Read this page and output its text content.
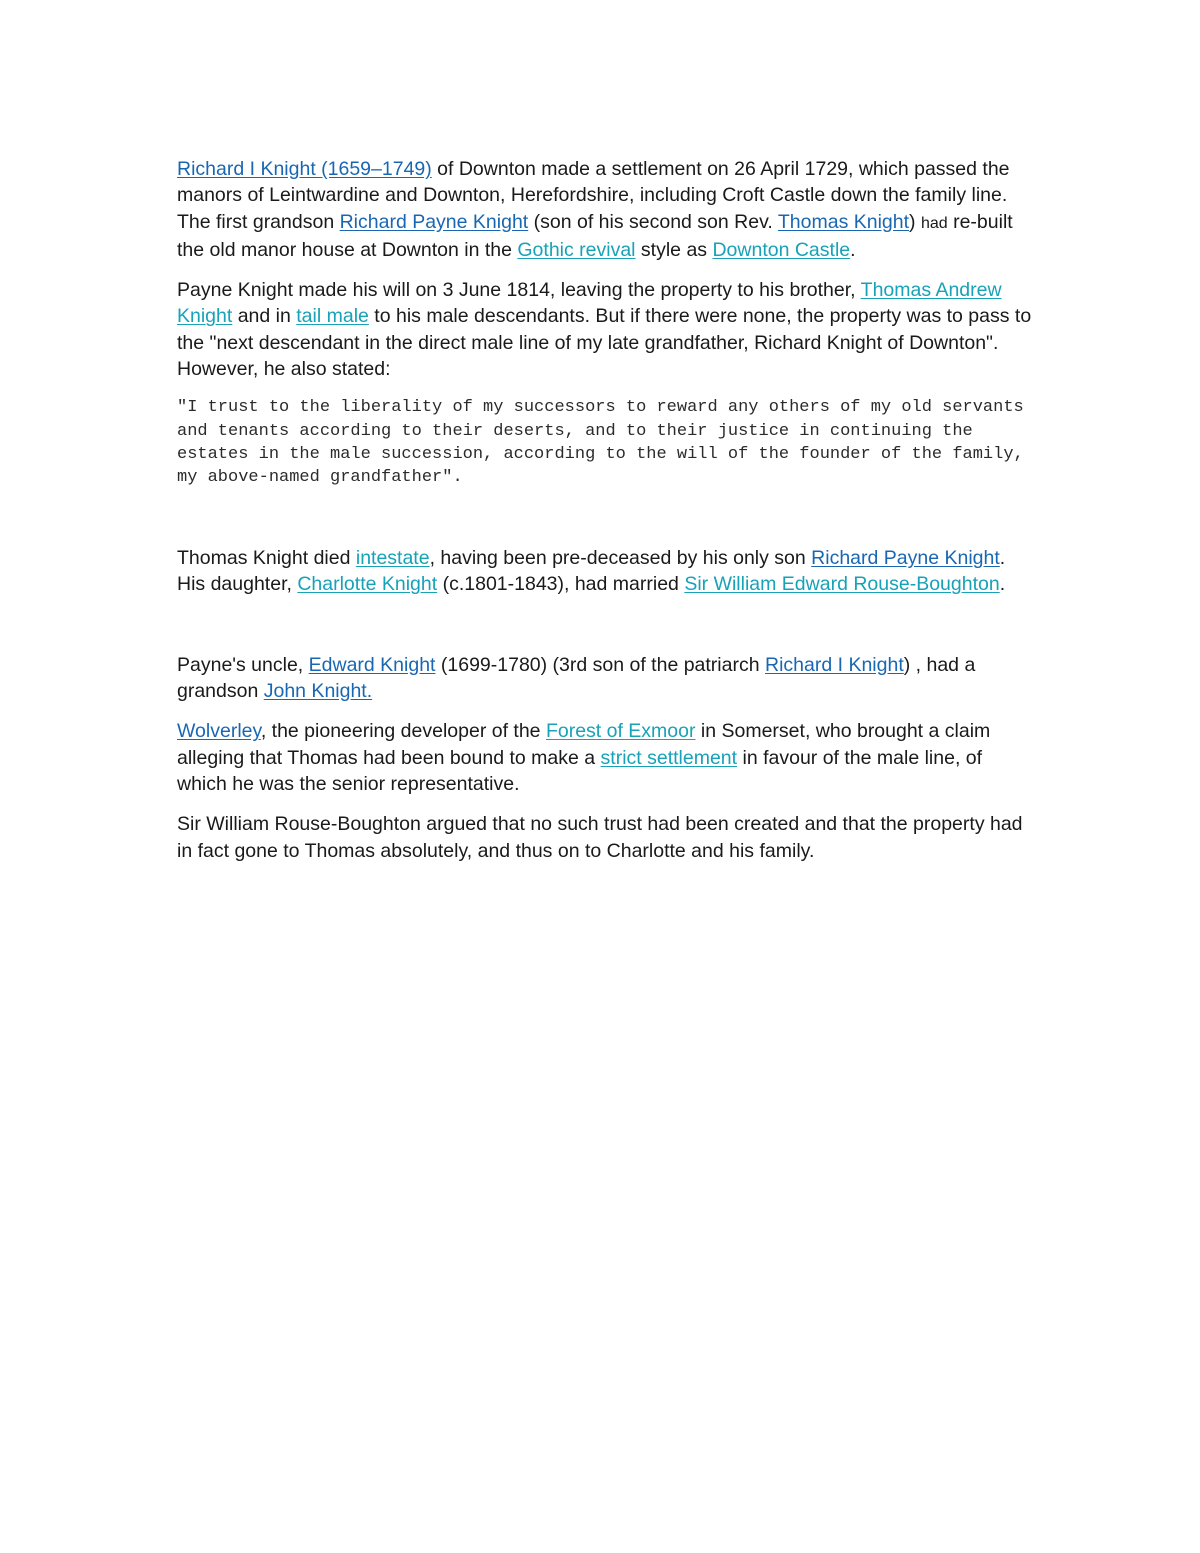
Richard I Knight (1659–1749) of Downton made a settlement on 26 April 1729, which passed the manors of Leintwardine and Downton, Herefordshire, including Croft Castle down the family line. The first grandson Richard Payne Knight (son of his second son Rev. Thomas Knight) had re-built the old manor house at Downton in the Gothic revival style as Downton Castle.

Payne Knight made his will on 3 June 1814, leaving the property to his brother, Thomas Andrew Knight and in tail male to his male descendants. But if there were none, the property was to pass to the "next descendant in the direct male line of my late grandfather, Richard Knight of Downton". However, he also stated:

"I trust to the liberality of my successors to reward any others of my old servants and tenants according to their deserts, and to their justice in continuing the estates in the male succession, according to the will of the founder of the family, my above-named grandfather".

Thomas Knight died intestate, having been pre-deceased by his only son Richard Payne Knight. His daughter, Charlotte Knight (c.1801-1843), had married Sir William Edward Rouse-Boughton.

Payne's uncle, Edward Knight (1699-1780) (3rd son of the patriarch Richard I Knight) , had a grandson John Knight.

Wolverley, the pioneering developer of the Forest of Exmoor in Somerset, who brought a claim alleging that Thomas had been bound to make a strict settlement in favour of the male line, of which he was the senior representative.

Sir William Rouse-Boughton argued that no such trust had been created and that the property had in fact gone to Thomas absolutely, and thus on to Charlotte and his family.
